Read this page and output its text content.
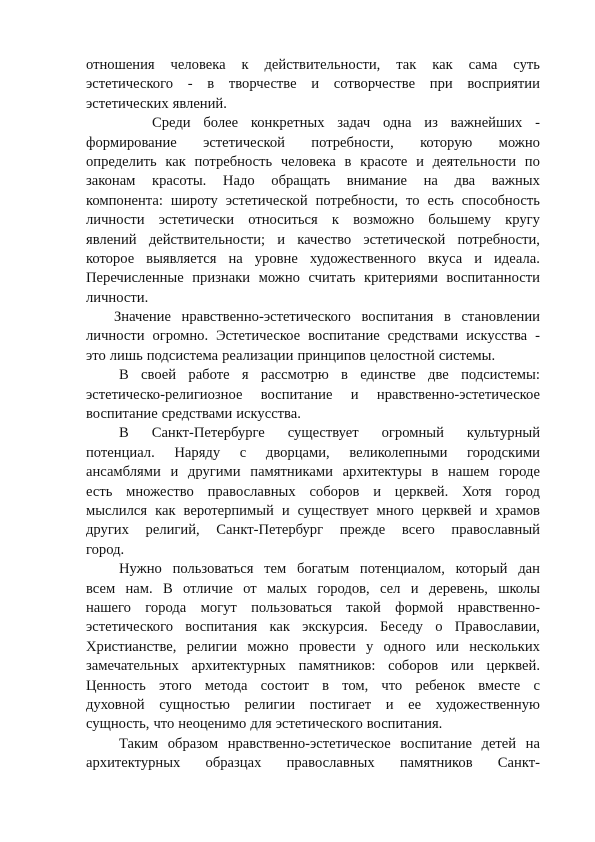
отношения человека к действительности, так как сама суть
эстетического - в творчестве и сотворчестве при восприятии
эстетических явлений.
Среди более конкретных задач одна из важнейших -
формирование эстетической потребности, которую можно
определить как потребность человека в красоте и деятельности по
законам красоты. Надо обращать внимание на два важных
компонента: широту эстетической потребности, то есть способность
личности эстетически относиться к возможно большему кругу
явлений действительности; и качество эстетической потребности,
которое выявляется на уровне художественного вкуса и идеала.
Перечисленные признаки можно считать критериями воспитанности
личности.
Значение нравственно-эстетического воспитания в становлении
личности огромно. Эстетическое воспитание средствами искусства -
это лишь подсистема реализации принципов целостной системы.
В своей работе я рассмотрю в единстве две подсистемы:
эстетическо-религиозное воспитание и нравственно-эстетическое
воспитание средствами искусства.
В Санкт-Петербурге существует огромный культурный
потенциал. Наряду с дворцами, великолепными городскими
ансамблями и другими памятниками архитектуры в нашем городе
есть множество православных соборов и церквей. Хотя город
мыслился как веротерпимый и существует много церквей и храмов
других религий, Санкт-Петербург прежде всего православный
город.
Нужно пользоваться тем богатым потенциалом, который дан
всем нам. В отличие от малых городов, сел и деревень, школы
нашего города могут пользоваться такой формой нравственно-
эстетического воспитания как экскурсия. Беседу о Православии,
Христианстве, религии можно провести у одного или нескольких
замечательных архитектурных памятников: соборов или церквей.
Ценность этого метода состоит в том, что ребенок вместе с
духовной сущностью религии постигает и ее художественную
сущность, что неоценимо для эстетического воспитания.
Таким образом нравственно-эстетическое воспитание детей на
архитектурных образцах православных памятников Санкт-
